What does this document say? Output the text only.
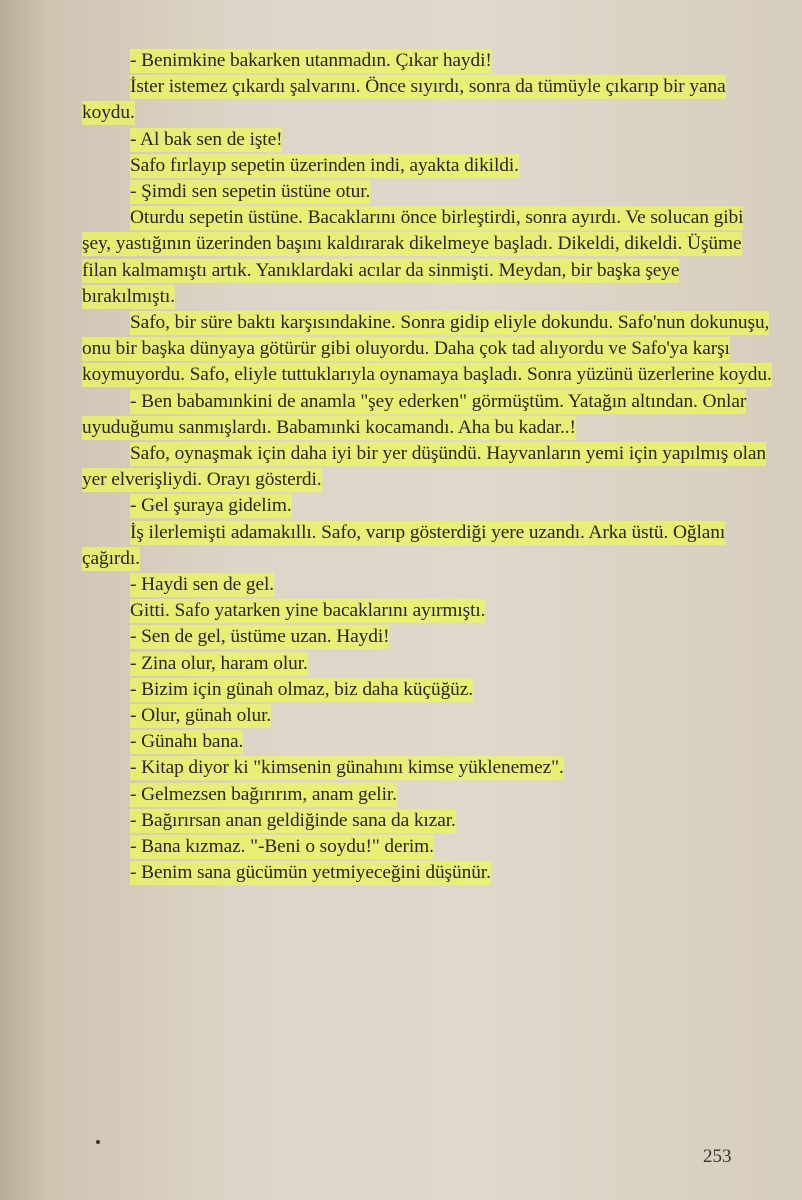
- Benimkine bakarken utanmadın. Çıkar haydi!

İster istemez çıkardı şalvarını. Önce sıyırdı, sonra da tümüyle çıkarıp bir yana koydu.

- Al bak sen de işte!

Safo fırlayıp sepetin üzerinden indi, ayakta dikildi.

- Şimdi sen sepetin üstüne otur.

Oturdu sepetin üstüne. Bacaklarını önce birleştirdi, sonra ayırdı. Ve solucan gibi şey, yastığının üzerinden başını kaldırarak dikelmeye başladı. Dikeldi, dikeldi. Üşüme filan kalmamıştı artık. Yanıklardaki acılar da sinmişti. Meydan, bir başka şeye bırakılmıştı.

Safo, bir süre baktı karşısındakine. Sonra gidip eliyle dokundu. Safo'nun dokunuşu, onu bir başka dünyaya götürür gibi oluyordu. Daha çok tad alıyordu ve Safo'ya karşı koymuyordu. Safo, eliyle tuttuklarıyla oynamaya başladı. Sonra yüzünü üzerlerine koydu.

- Ben babamınkini de anamla "şey ederken" görmüştüm. Yatağın altından. Onlar uyuduğumu sanmışlardı. Babamınki kocamandı. Aha bu kadar..!

Safo, oynaşmak için daha iyi bir yer düşündü. Hayvanların yemi için yapılmış olan yer elverişliydi. Orayı gösterdi.

- Gel şuraya gidelim.

İş ilerlemişti adamakıllı. Safo, varıp gösterdiği yere uzandı. Arka üstü. Oğlanı çağırdı.

- Haydi sen de gel.

Gitti. Safo yatarken yine bacaklarını ayırmıştı.

- Sen de gel, üstüme uzan. Haydi!

- Zina olur, haram olur.

- Bizim için günah olmaz, biz daha küçüğüz.

- Olur, günah olur.

- Günahı bana.

- Kitap diyor ki "kimsenin günahını kimse yüklenemez".

- Gelmezsen bağırırım, anam gelir.

- Bağırırsan anan geldiğinde sana da kızar.

- Bana kızmaz. "-Beni o soydu!" derim.

- Benim sana gücümün yetmiyeceğini düşünür.

253
